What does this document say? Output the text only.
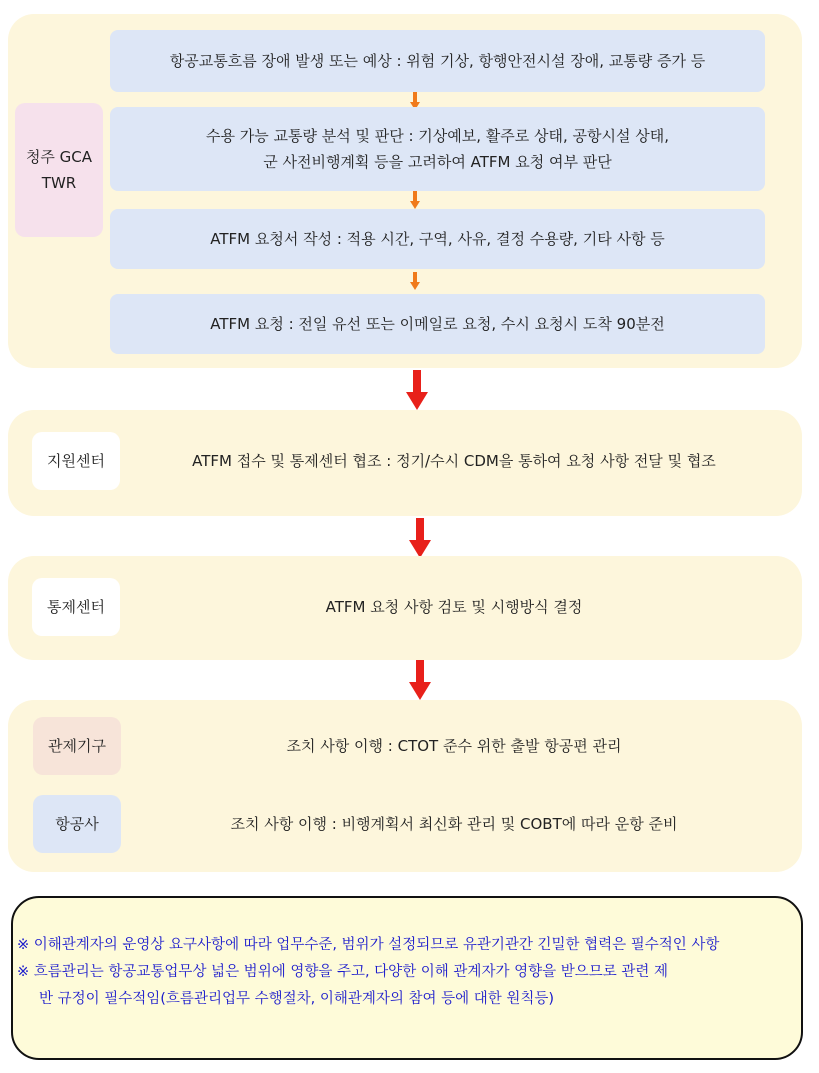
청주 GCA
TWR
항공교통흐름 장애 발생 또는 예상 : 위험 기상, 항행안전시설 장애, 교통량 증가 등
수용 가능 교통량 분석 및 판단 : 기상예보, 활주로 상태, 공항시설 상태,
군 사전비행계획 등을 고려하여 ATFM 요청 여부 판단
ATFM 요청서 작성 : 적용 시간, 구역, 사유, 결정 수용량, 기타 사항 등
ATFM 요청 : 전일 유선 또는 이메일로 요청, 수시 요청시 도착 90분전
지원센터	ATFM 접수 및 통제센터 협조 : 정기/수시 CDM을 통하여 요청 사항 전달 및 협조
통제센터	ATFM 요청 사항 검토 및 시행방식 결정
관제기구	조치 사항 이행 : CTOT 준수 위한 출발 항공편 관리
항공사	조치 사항 이행 : 비행계획서 최신화 관리 및 COBT에 따라 운항 준비

※ 이해관계자의 운영상 요구사항에 따라 업무수준, 범위가 설정되므로 유관기관간 긴밀한 협력은 필수적인 사항

※ 흐름관리는 항공교통업무상 넓은 범위에 영향을 주고, 다양한 이해 관계자가 영향을 받으므로 관련 제

반 규정이 필수적임(흐름관리업무 수행절차, 이해관계자의 참여 등에 대한 원칙등)
